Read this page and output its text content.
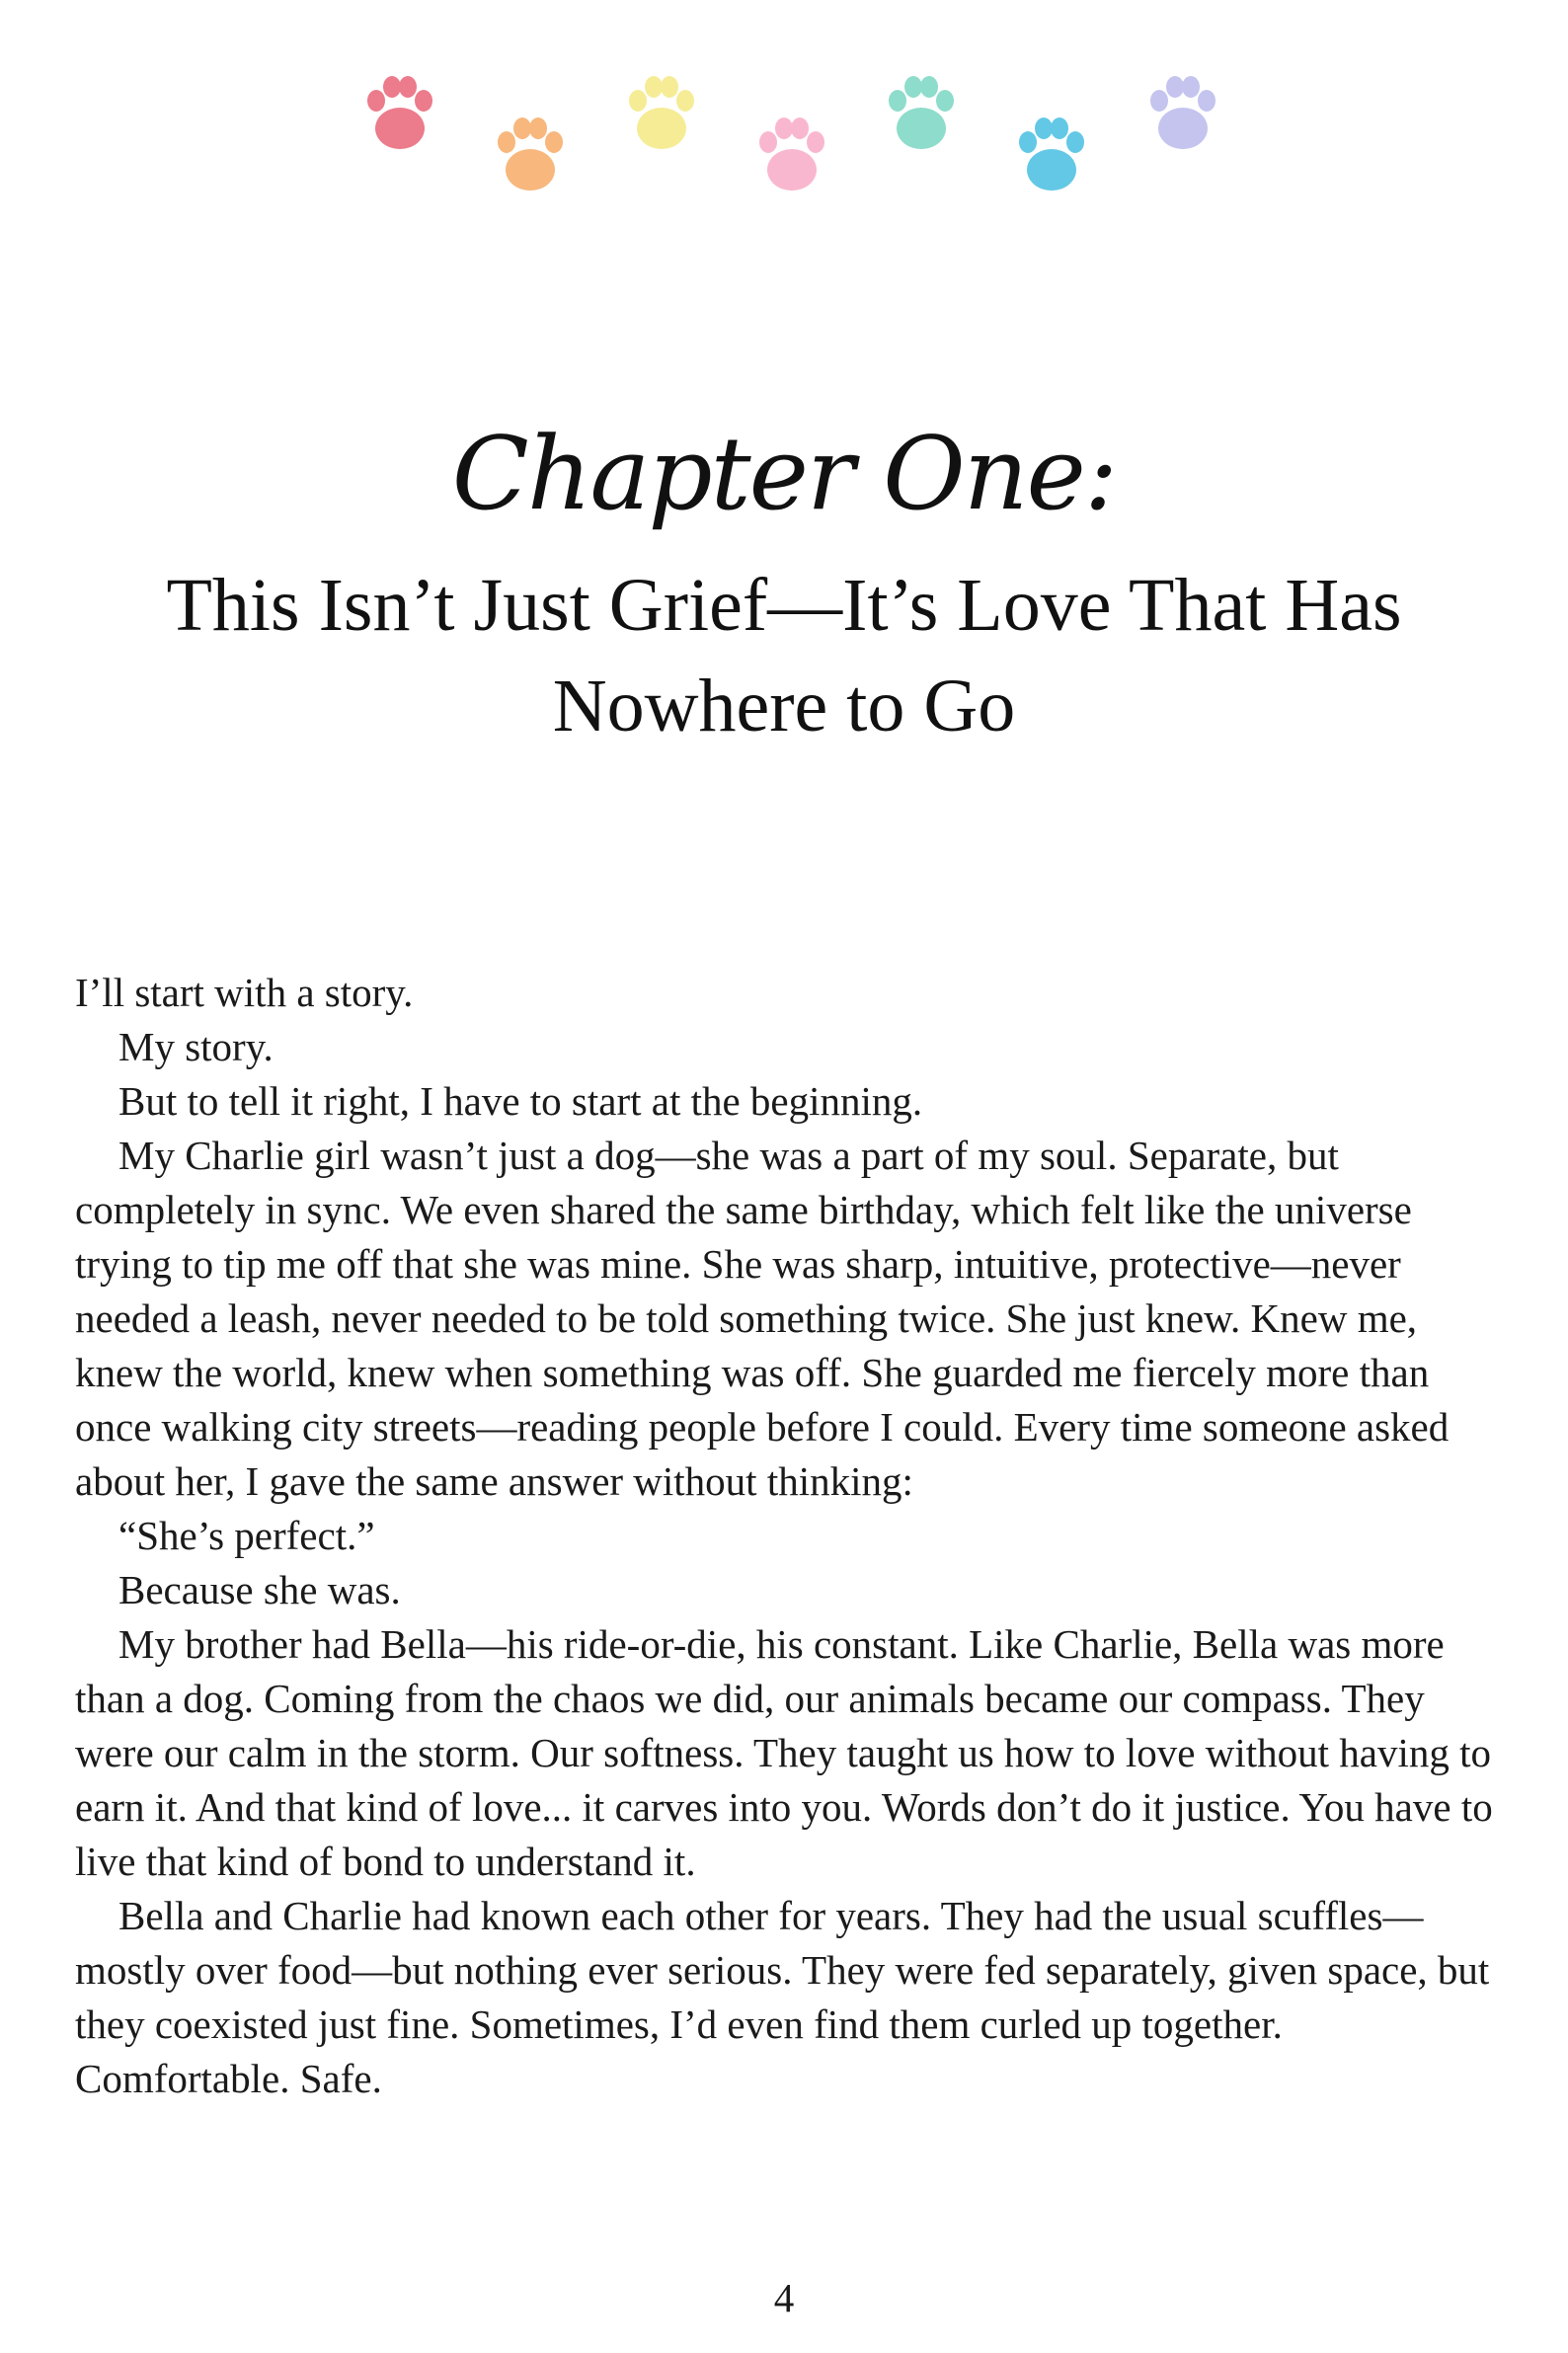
Chapter One:
This Isn’t Just Grief—It’s Love That Has
Nowhere to Go

I’ll start with a story.

My story.

But to tell it right, I have to start at the beginning.

My Charlie girl wasn’t just a dog—she was a part of my soul. Separate, but completely in sync. We even shared the same birthday, which felt like the universe trying to tip me off that she was mine. She was sharp, intuitive, protective—never needed a leash, never needed to be told something twice. She just knew. Knew me, knew the world, knew when something was off. She guarded me fiercely more than once walking city streets—reading people before I could. Every time someone asked about her, I gave the same answer without thinking:

“She’s perfect.”

Because she was.

My brother had Bella—his ride-or-die, his constant. Like Charlie, Bella was more than a dog. Coming from the chaos we did, our animals became our compass. They were our calm in the storm. Our softness. They taught us how to love without having to earn it. And that kind of love... it carves into you. Words don’t do it justice. You have to live that kind of bond to understand it.

Bella and Charlie had known each other for years. They had the usual scuffles—mostly over food—but nothing ever serious. They were fed separately, given space, but they coexisted just fine. Sometimes, I’d even find them curled up together. Comfortable. Safe.

4
